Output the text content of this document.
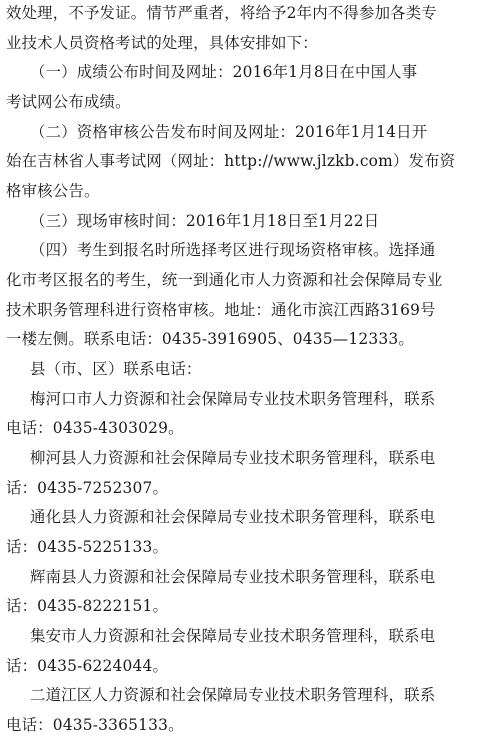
效处理，不予发证。情节严重者，将给予2年内不得参加各类专
业技术人员资格考试的处理，具体安排如下：
（一）成绩公布时间及网址：2016年1月8日在中国人事
考试网公布成绩。
（二）资格审核公告发布时间及网址：2016年1月14日开
始在吉林省人事考试网（网址：http://www.jlzkb.com）发布资
格审核公告。
（三）现场审核时间：2016年1月18日至1月22日
（四）考生到报名时所选择考区进行现场资格审核。选择通
化市考区报名的考生，统一到通化市人力资源和社会保障局专业
技术职务管理科进行资格审核。地址：通化市滨江西路3169号
一楼左侧。联系电话：0435-3916905、0435—12333。
县（市、区）联系电话：
梅河口市人力资源和社会保障局专业技术职务管理科，联系
电话：0435-4303029。
柳河县人力资源和社会保障局专业技术职务管理科，联系电
话：0435-7252307。
通化县人力资源和社会保障局专业技术职务管理科，联系电
话：0435-5225133。
辉南县人力资源和社会保障局专业技术职务管理科，联系电
话：0435-8222151。
集安市人力资源和社会保障局专业技术职务管理科，联系电
话：0435-6224044。
二道江区人力资源和社会保障局专业技术职务管理科，联系
电话：0435-3365133。
